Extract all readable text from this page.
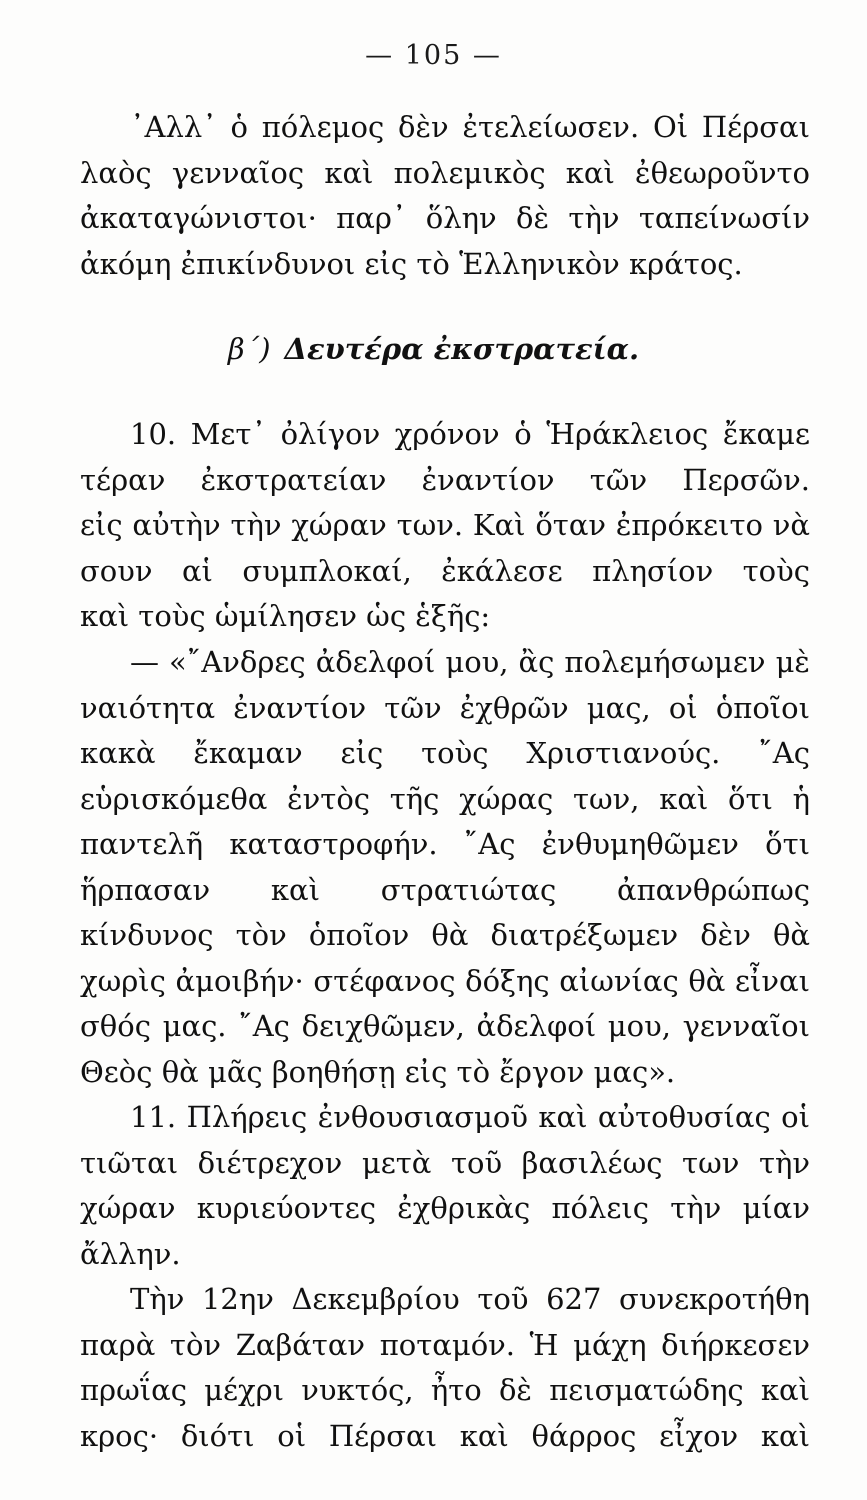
— 105 —
᾿Αλλ᾿ ὁ πόλεμος δὲν ἐτελείωσεν. Οἱ Πέρσαι
λαὸς γενναῖος καὶ πολεμικὸς καὶ ἐθεωροῦντο
ἀκαταγώνιστοι· παρ᾿ ὅλην δὲ τὴν ταπείνωσίν
ἀκόμη ἐπικίνδυνοι εἰς τὸ Ἑλληνικὸν κράτος.
β΄) Δευτέρα ἐκστρατεία.
10. Μετ᾿ ὀλίγον χρόνον ὁ Ἡράκλειος ἔκαμε
τέραν ἐκστρατείαν ἐναντίον τῶν Περσῶν.
εἰς αὐτὴν τὴν χώραν των. Καὶ ὅταν ἐπρόκειτο νὰ
σουν αἱ συμπλοκαί, ἐκάλεσε πλησίον τοὺς
καὶ τοὺς ὡμίλησεν ὡς ἑξῆς:
— «῎Ανδρες ἀδελφοί μου, ἂς πολεμήσωμεν μὲ
ναιότητα ἐναντίον τῶν ἐχθρῶν μας, οἱ ὁποῖοι
κακὰ ἔκαμαν εἰς τοὺς Χριστιανούς. ῎Ας
εὑρισκόμεθα ἐντὸς τῆς χώρας των, καὶ ὅτι ἡ
παντελῆ καταστροφήν. ῎Ας ἐνθυμηθῶμεν ὅτι
ἥρπασαν καὶ στρατιώτας ἀπανθρώπως
κίνδυνος τὸν ὁποῖον θὰ διατρέξωμεν δὲν θὰ
χωρὶς ἀμοιβήν· στέφανος δόξης αἰωνίας θὰ εἶναι
σθός μας. ῎Ας δειχθῶμεν, ἀδελφοί μου, γενναῖοι
Θεὸς θὰ μᾶς βοηθήσῃ εἰς τὸ ἔργον μας».
11. Πλήρεις ἐνθουσιασμοῦ καὶ αὐτοθυσίας οἱ
τιῶται διέτρεχον μετὰ τοῦ βασιλέως των τὴν
χώραν κυριεύοντες ἐχθρικὰς πόλεις τὴν μίαν
ἄλλην.
Τὴν 12ην Δεκεμβρίου τοῦ 627 συνεκροτήθη
παρὰ τὸν Ζαβάταν ποταμόν. Ἡ μάχη διήρκεσεν
πρωΐας μέχρι νυκτός, ἦτο δὲ πεισματώδης καὶ
κρος· διότι οἱ Πέρσαι καὶ θάρρος εἶχον καὶ
